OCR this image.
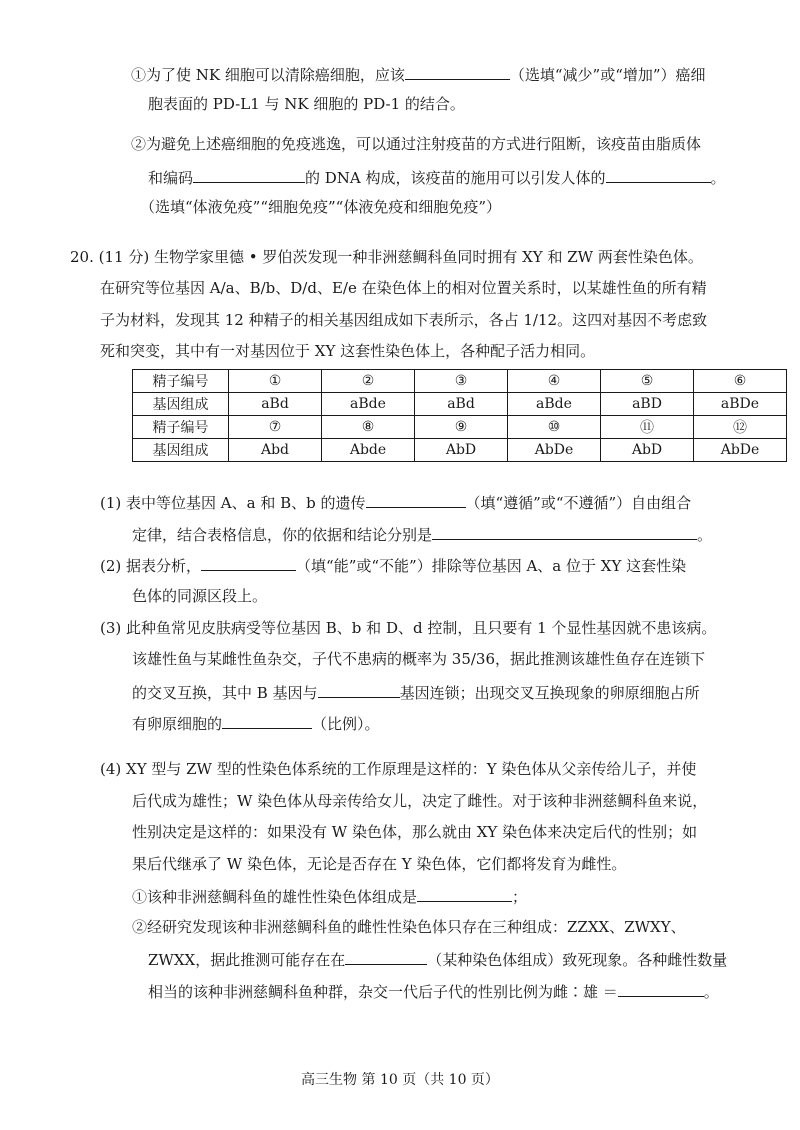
①为了使 NK 细胞可以清除癌细胞，应该	（选填“减少”或“增加”）癌细
胞表面的 PD-L1 与 NK 细胞的 PD-1 的结合。
②为避免上述癌细胞的免疫逃逸，可以通过注射疫苗的方式进行阻断，该疫苗由脂质体
和编码	的 DNA 构成，该疫苗的施用可以引发人体的	。
（选填“体液免疫”“细胞免疫”“体液免疫和细胞免疫”）
20. (11 分) 生物学家里德 • 罗伯茨发现一种非洲慈鲷科鱼同时拥有 XY 和 ZW 两套性染色体。
在研究等位基因 A/a、B/b、D/d、E/e 在染色体上的相对位置关系时，以某雄性鱼的所有精
子为材料，发现其 12 种精子的相关基因组成如下表所示，各占 1/12。这四对基因不考虑致
死和突变，其中有一对基因位于 XY 这套性染色体上，各种配子活力相同。
精子编号	①	②	③	④	⑤	⑥
基因组成	aBd	aBde	aBd	aBde	aBD	aBDe
精子编号	⑦	⑧	⑨	⑩	⑪	⑫
基因组成	Abd	Abde	AbD	AbDe	AbD	AbDe
(1) 表中等位基因 A、a 和 B、b 的遗传	（填“遵循”或“不遵循”）自由组合
定律，结合表格信息，你的依据和结论分别是	。
(2) 据表分析，	（填“能”或“不能”）排除等位基因 A、a 位于 XY 这套性染
色体的同源区段上。
(3) 此种鱼常见皮肤病受等位基因 B、b 和 D、d 控制，且只要有 1 个显性基因就不患该病。
该雄性鱼与某雌性鱼杂交，子代不患病的概率为 35/36，据此推测该雄性鱼存在连锁下
的交叉互换，其中 B 基因与	基因连锁；出现交叉互换现象的卵原细胞占所
有卵原细胞的	（比例）。
(4) XY 型与 ZW 型的性染色体系统的工作原理是这样的：Y 染色体从父亲传给儿子，并使
后代成为雄性；W 染色体从母亲传给女儿，决定了雌性。对于该种非洲慈鲷科鱼来说，
性别决定是这样的：如果没有 W 染色体，那么就由 XY 染色体来决定后代的性别；如
果后代继承了 W 染色体，无论是否存在 Y 染色体，它们都将发育为雌性。
①该种非洲慈鲷科鱼的雄性性染色体组成是	；
②经研究发现该种非洲慈鲷科鱼的雌性性染色体只存在三种组成：ZZXX、ZWXY、
ZWXX，据此推测可能存在在	（某种染色体组成）致死现象。各种雌性数量
相当的该种非洲慈鲷科鱼种群，杂交一代后子代的性别比例为雌∶雄 ＝	。
高三生物 第 10 页（共 10 页）
